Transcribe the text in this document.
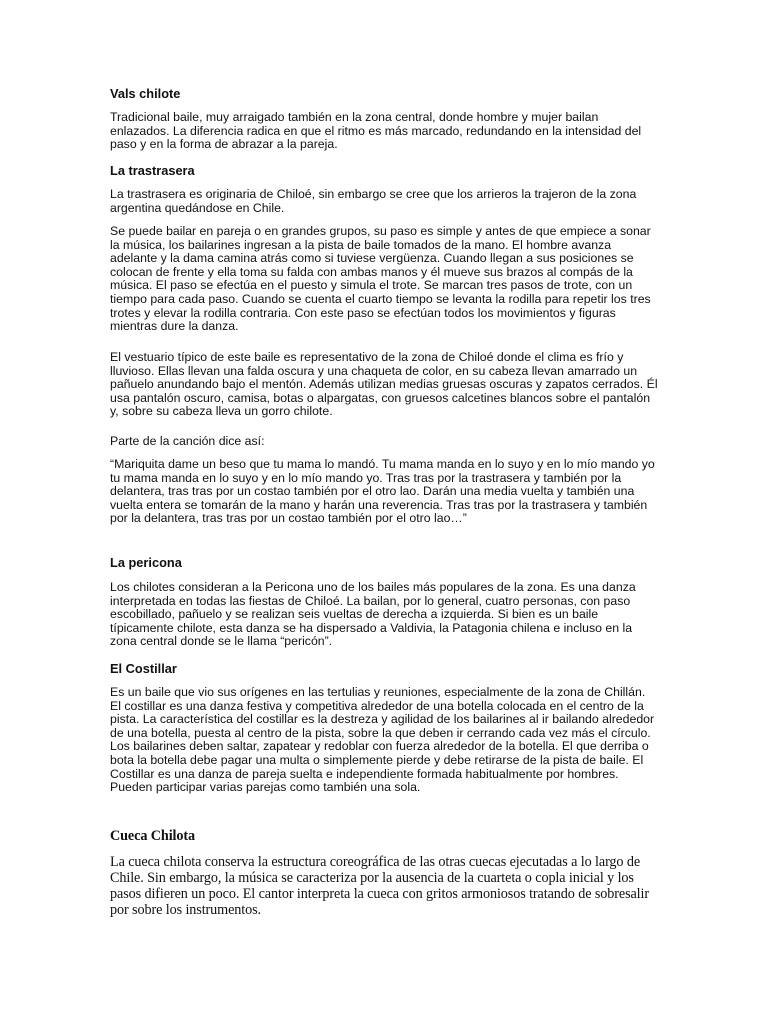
Vals chilote

Tradicional baile, muy arraigado también en la zona central, donde hombre y mujer bailan enlazados. La diferencia radica en que el ritmo es más marcado, redundando en la intensidad del paso y en la forma de abrazar a la pareja.

La trastrasera

La trastrasera es originaria de Chiloé, sin embargo se cree que los arrieros la trajeron de la zona argentina quedándose en Chile.

Se puede bailar en pareja o en grandes grupos, su paso es simple y antes de que empiece a sonar la música, los bailarines ingresan a la pista de baile tomados de la mano. El hombre avanza adelante y la dama camina atrás como si tuviese vergüenza. Cuando llegan a sus posiciones se colocan de frente y ella toma su falda con ambas manos y él mueve sus brazos al compás de la música. El paso se efectúa en el puesto y simula el trote. Se marcan tres pasos de trote, con un tiempo para cada paso. Cuando se cuenta el cuarto tiempo se levanta la rodilla para repetir los tres trotes y elevar la rodilla contraria. Con este paso se efectúan todos los movimientos y figuras mientras dure la danza.

El vestuario típico de este baile es representativo de la zona de Chiloé donde el clima es frío y lluvioso. Ellas llevan una falda oscura y una chaqueta de color, en su cabeza llevan amarrado un pañuelo anundando bajo el mentón. Además utilizan medias gruesas oscuras y zapatos cerrados. Él usa pantalón oscuro, camisa, botas o alpargatas, con gruesos calcetines blancos sobre el pantalón y, sobre su cabeza lleva un gorro chilote.

Parte de la canción dice así:

“Mariquita dame un beso que tu mama lo mandó. Tu mama manda en lo suyo y en lo mío mando yo tu mama manda en lo suyo y en lo mío mando yo. Tras tras por la trastrasera y también por la delantera, tras tras por un costao también por el otro lao. Darán una media vuelta y también una vuelta entera se tomarán de la mano y harán una reverencia. Tras tras por la trastrasera y también por la delantera, tras tras por un costao también por el otro lao…”

La pericona

Los chilotes consideran a la Pericona uno de los bailes más populares de la zona. Es una danza interpretada en todas las fiestas de Chiloé. La bailan, por lo general, cuatro personas, con paso escobillado, pañuelo y se realizan seis vueltas de derecha a izquierda. Si bien es un baile típicamente chilote, esta danza se ha dispersado a Valdivia, la Patagonia chilena e incluso en la zona central donde se le llama “pericón”.

El Costillar

Es un baile que vio sus orígenes en las tertulias y reuniones, especialmente de la zona de Chillán. El costillar es una danza festiva y competitiva alrededor de una botella colocada en el centro de la pista. La característica del costillar es la destreza y agilidad de los bailarines al ir bailando alrededor de una botella, puesta al centro de la pista, sobre la que deben ir cerrando cada vez más el círculo. Los bailarines deben saltar, zapatear y redoblar con fuerza alrededor de la botella. El que derriba o bota la botella debe pagar una multa o simplemente pierde y debe retirarse de la pista de baile. El Costillar es una danza de pareja suelta e independiente formada habitualmente por hombres. Pueden participar varias parejas como también una sola.

Cueca Chilota

La cueca chilota conserva la estructura coreográfica de las otras cuecas ejecutadas a lo largo de Chile. Sin embargo, la música se caracteriza por la ausencia de la cuarteta o copla inicial y los pasos difieren un poco. El cantor interpreta la cueca con gritos armoniosos tratando de sobresalir por sobre los instrumentos.
